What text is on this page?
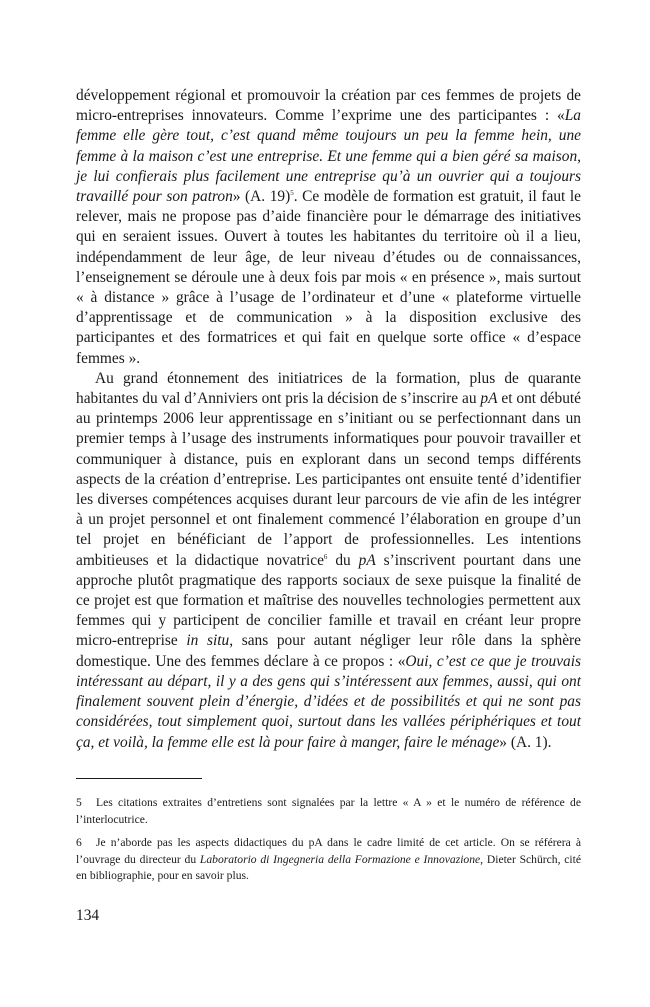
développement régional et promouvoir la création par ces femmes de projets de micro-entreprises innovateurs. Comme l’exprime une des participantes : «La femme elle gère tout, c’est quand même toujours un peu la femme hein, une femme à la maison c’est une entreprise. Et une femme qui a bien géré sa maison, je lui confierais plus facilement une entreprise qu’à un ouvrier qui a toujours travaillé pour son patron» (A. 19)$^5$. Ce modèle de formation est gratuit, il faut le relever, mais ne propose pas d’aide financière pour le démarrage des initiatives qui en seraient issues. Ouvert à toutes les habitantes du territoire où il a lieu, indépendamment de leur âge, de leur niveau d’études ou de connaissances, l’enseignement se déroule une à deux fois par mois « en présence », mais surtout « à distance » grâce à l’usage de l’ordinateur et d’une « plateforme virtuelle d’apprentissage et de communication » à la disposition exclusive des participantes et des formatrices et qui fait en quelque sorte office « d’espace femmes ».

Au grand étonnement des initiatrices de la formation, plus de quarante habitantes du val d’Anniviers ont pris la décision de s’inscrire au pA et ont débuté au printemps 2006 leur apprentissage en s’initiant ou se perfectionnant dans un premier temps à l’usage des instruments informatiques pour pouvoir travailler et communiquer à distance, puis en explorant dans un second temps différents aspects de la création d’entreprise. Les participantes ont ensuite tenté d’identifier les diverses compétences acquises durant leur parcours de vie afin de les intégrer à un projet personnel et ont finalement commencé l’élaboration en groupe d’un tel projet en bénéficiant de l’apport de professionnelles. Les intentions ambitieuses et la didactique novatrice$^6$ du pA s’inscrivent pourtant dans une approche plutôt pragmatique des rapports sociaux de sexe puisque la finalité de ce projet est que formation et maîtrise des nouvelles technologies permettent aux femmes qui y participent de concilier famille et travail en créant leur propre micro-entreprise in situ, sans pour autant négliger leur rôle dans la sphère domestique. Une des femmes déclare à ce propos : «Oui, c’est ce que je trouvais intéressant au départ, il y a des gens qui s’intéressent aux femmes, aussi, qui ont finalement souvent plein d’énergie, d’idées et de possibilités et qui ne sont pas considérées, tout simplement quoi, surtout dans les vallées périphériques et tout ça, et voilà, la femme elle est là pour faire à manger, faire le ménage» (A. 1).

5 Les citations extraites d’entretiens sont signalées par la lettre « A » et le numéro de référence de l’interlocutrice.

6 Je n’aborde pas les aspects didactiques du pA dans le cadre limité de cet article. On se référera à l’ouvrage du directeur du Laboratorio di Ingegneria della Formazione e Innovazione, Dieter Schürch, cité en bibliographie, pour en savoir plus.

134
